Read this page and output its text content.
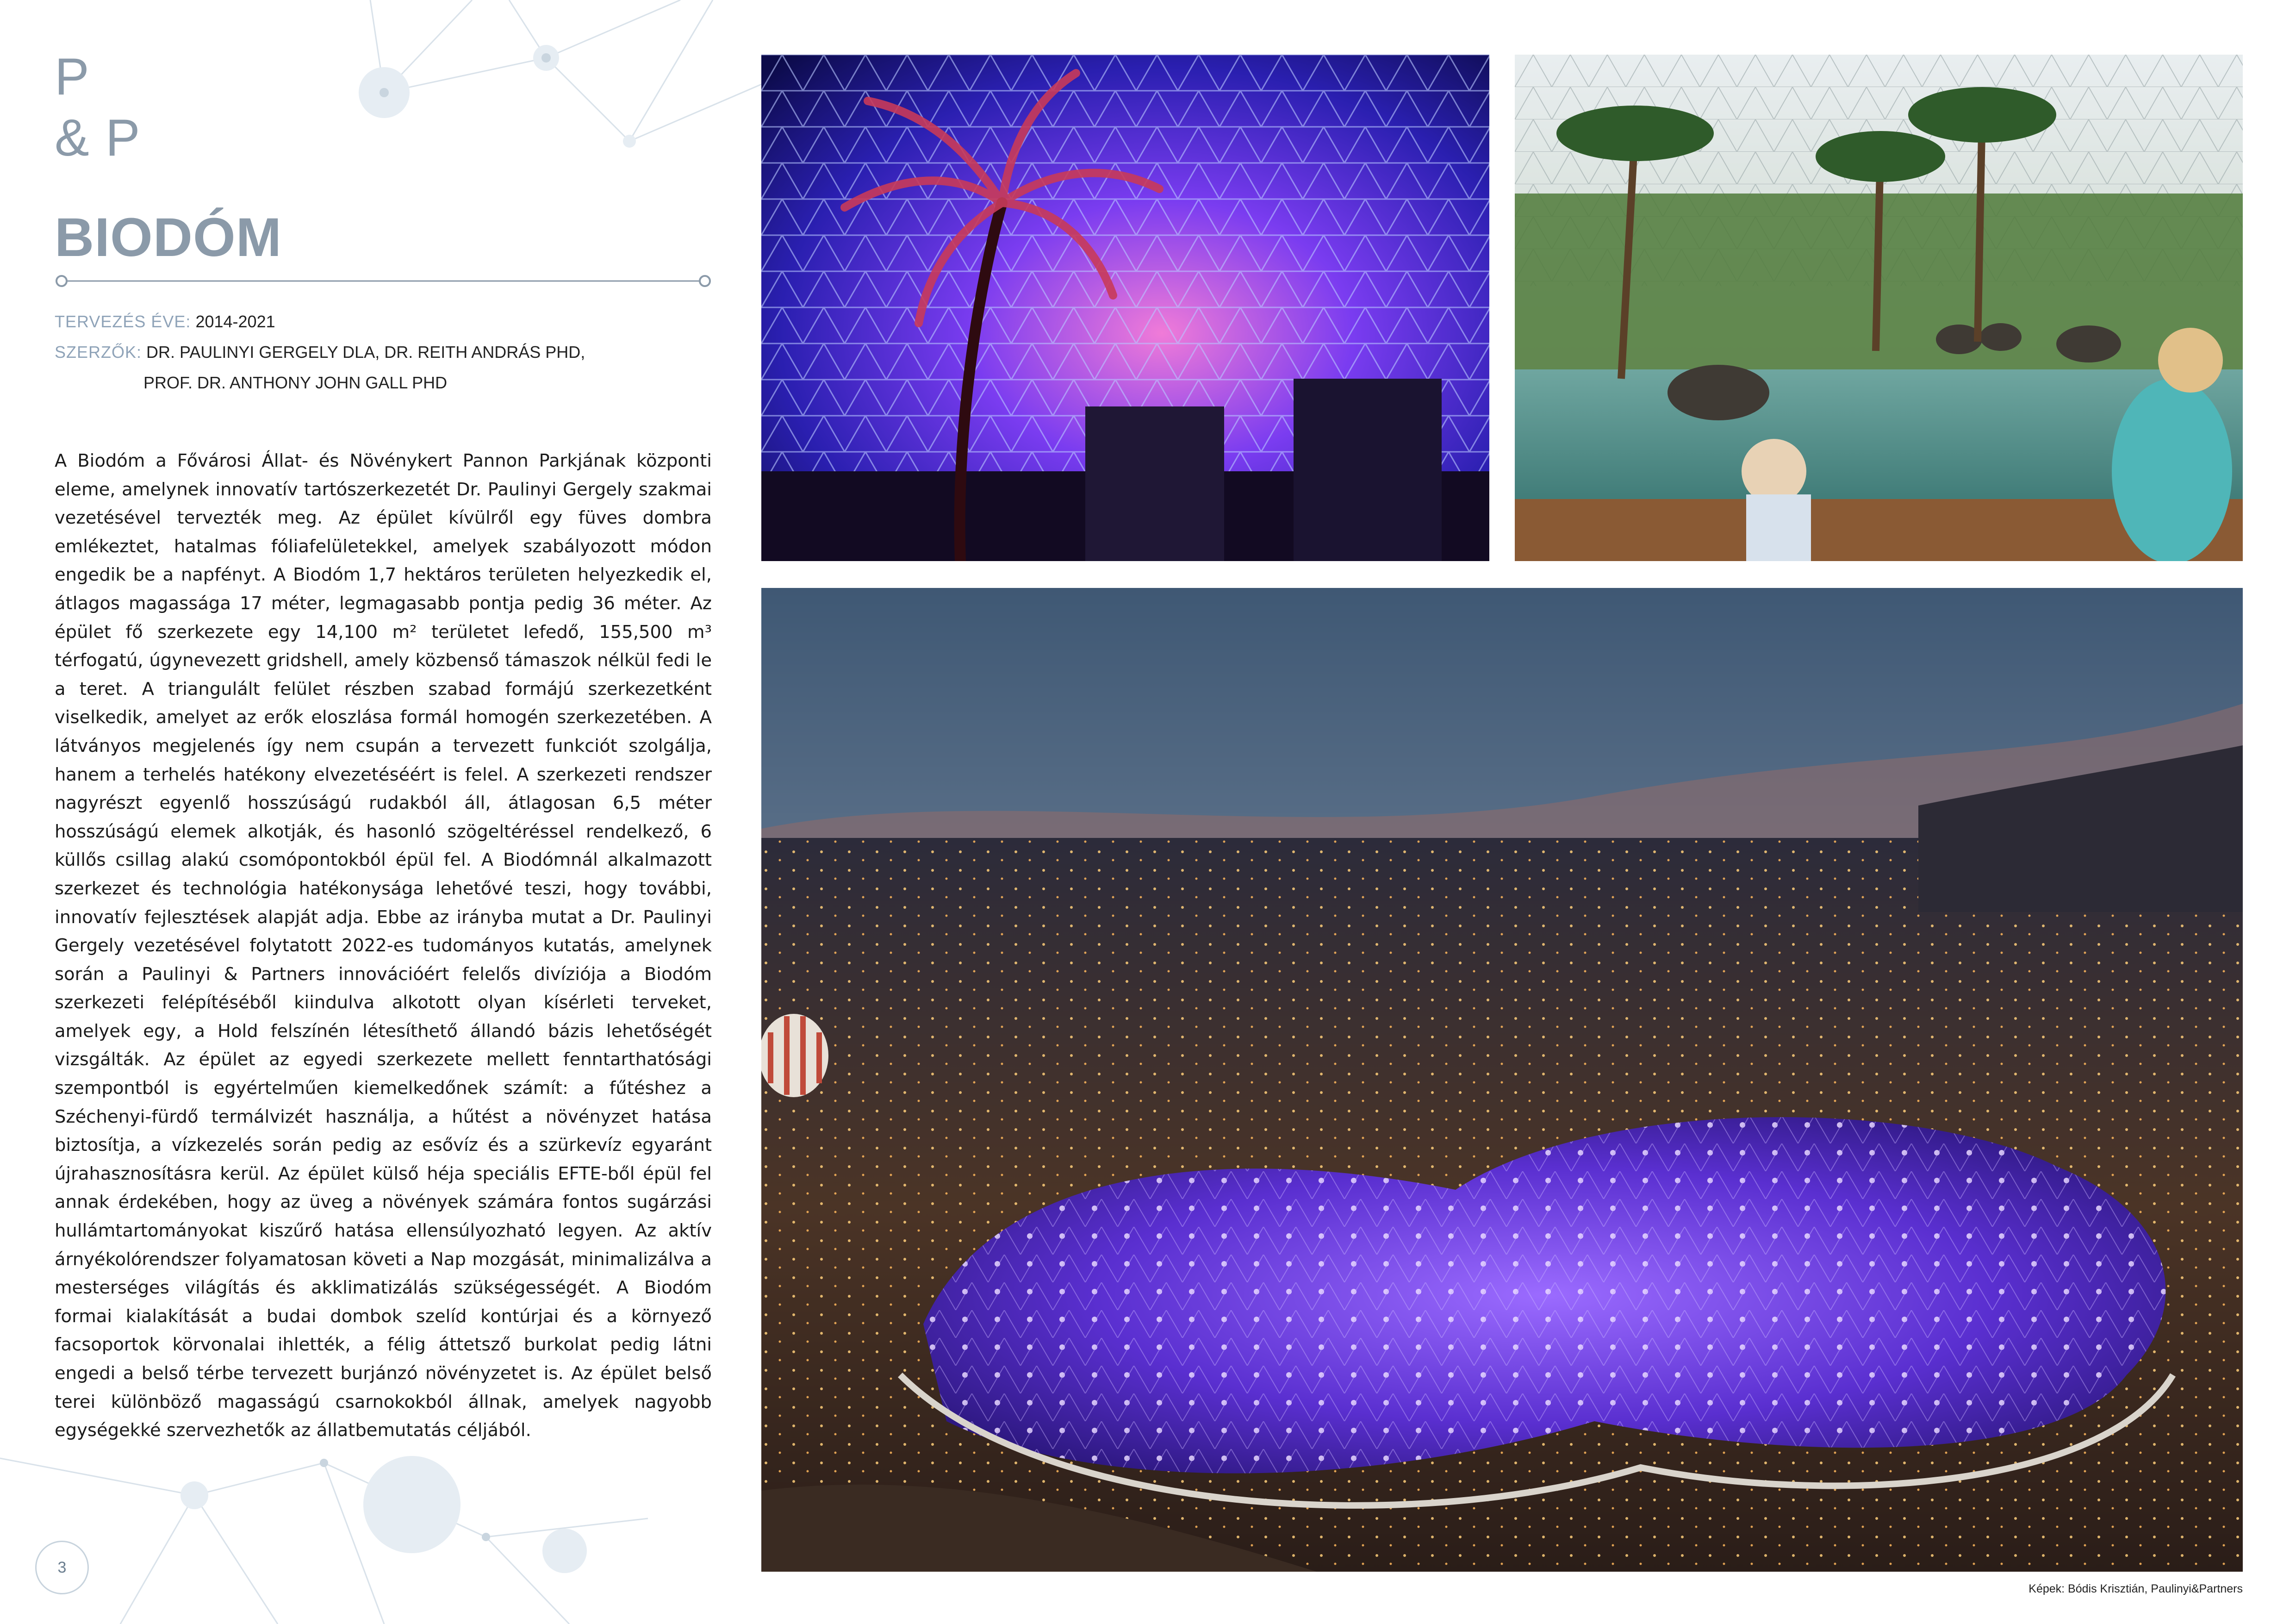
P
& P
BIODÓM
TERVEZÉS ÉVE: 2014-2021
SZERZŐK: DR. PAULINYI GERGELY DLA, DR. REITH ANDRÁS PHD,
PROF. DR. ANTHONY JOHN GALL PHD
A Biodóm a Fővárosi Állat- és Növénykert Pannon Parkjának központi eleme, amelynek innovatív tartószerkezetét Dr. Paulinyi Gergely szakmai vezetésével tervezték meg. Az épület kívülről egy füves dombra emlékeztet, hatalmas fóliafelületekkel, amelyek szabályozott módon engedik be a napfényt. A Biodóm 1,7 hektáros területen helyezkedik el, átlagos magassága 17 méter, legmagasabb pontja pedig 36 méter. Az épület fő szerkezete egy 14,100 m² területet lefedő, 155,500 m³ térfogatú, úgynevezett gridshell, amely közbenső támaszok nélkül fedi le a teret. A triangulált felület részben szabad formájú szerkezetként viselkedik, amelyet az erők eloszlása formál homogén szerkezetében. A látványos megjelenés így nem csupán a tervezett funkciót szolgálja, hanem a terhelés hatékony elvezetéséért is felel. A szerkezeti rendszer nagyrészt egyenlő hosszúságú rudakból áll, átlagosan 6,5 méter hosszúságú elemek alkotják, és hasonló szögeltéréssel rendelkező, 6 küllős csillag alakú csomópontokból épül fel. A Biodómnál alkalmazott szerkezet és technológia hatékonysága lehetővé teszi, hogy további, innovatív fejlesztések alapját adja. Ebbe az irányba mutat a Dr. Paulinyi Gergely vezetésével folytatott 2022-es tudományos kutatás, amelynek során a Paulinyi & Partners innovációért felelős divíziója a Biodóm szerkezeti felépítéséből kiindulva alkotott olyan kísérleti terveket, amelyek egy, a Hold felszínén létesíthető állandó bázis lehetőségét vizsgálták. Az épület az egyedi szerkezete mellett fenntarthatósági szempontból is egyértelműen kiemelkedőnek számít: a fűtéshez a Széchenyi-fürdő termálvizét használja, a hűtést a növényzet hatása biztosítja, a vízkezelés során pedig az esővíz és a szürkevíz egyaránt újrahasznosításra kerül. Az épület külső héja speciális EFTE-ből épül fel annak érdekében, hogy az üveg a növények számára fontos sugárzási hullámtartományokat kiszűrő hatása ellensúlyozható legyen. Az aktív árnyékolórendszer folyamatosan követi a Nap mozgását, minimalizálva a mesterséges világítás és akklimatizálás szükségességét. A Biodóm formai kialakítását a budai dombok szelíd kontúrjai és a környező facsoportok körvonalai ihlették, a félig áttetsző burkolat pedig látni engedi a belső térbe tervezett burjánzó növényzetet is. Az épület belső terei különböző magasságú csarnokokból állnak, amelyek nagyobb egységekké szervezhetők az állatbemutatás céljából.
Képek: Bódis Krisztián, Paulinyi&Partners
3
